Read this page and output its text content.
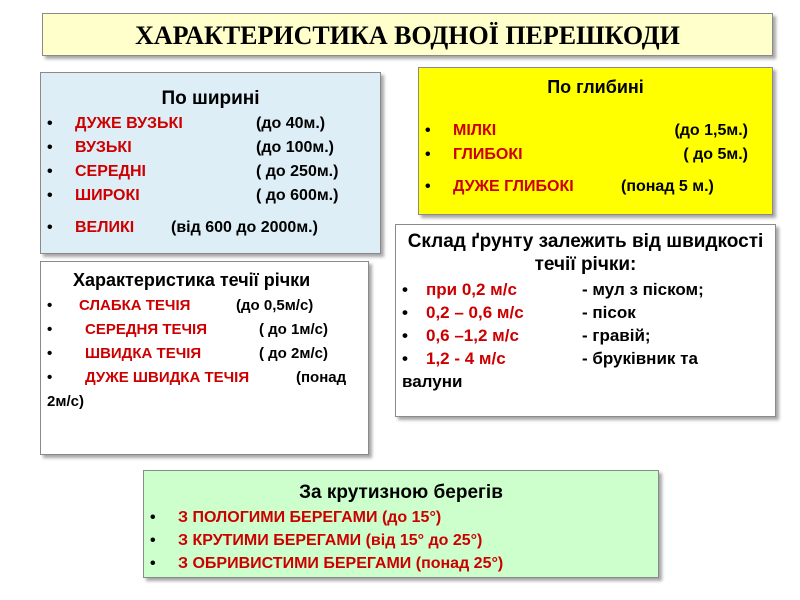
ХАРАКТЕРИСТИКА ВОДНОЇ ПЕРЕШКОДИ
По ширині
• ДУЖЕ ВУЗЬКІ	(до 40м.)
• ВУЗЬКІ	(до 100м.)
• СЕРЕДНІ	( до 250м.)
• ШИРОКІ	( до 600м.)
• ВЕЛИКІ (від 600 до 2000м.)
По глибині
• МІЛКІ	(до 1,5м.)
• ГЛИБОКІ	( до 5м.)
• ДУЖЕ ГЛИБОКІ	(понад 5 м.)
Характеристика течії річки
• СЛАБКА ТЕЧІЯ	(до 0,5м/с)
• СЕРЕДНЯ ТЕЧІЯ	( до 1м/с)
• ШВИДКА ТЕЧІЯ	( до 2м/с)
• ДУЖЕ ШВИДКА ТЕЧІЯ	(понад
2м/с)
Склад ґрунту залежить від швидкості течії річки:
• при 0,2 м/с	- мул з піском;
• 0,2 – 0,6 м/с	- пісок
• 0,6 –1,2 м/с	- гравій;
• 1,2 - 4 м/с	- бруківник та
валуни
За крутизною берегів
• З ПОЛОГИМИ БЕРЕГАМИ (до 15°)
• З КРУТИМИ БЕРЕГАМИ (від 15° до 25°)
• З ОБРИВИСТИМИ БЕРЕГАМИ (понад 25°)
